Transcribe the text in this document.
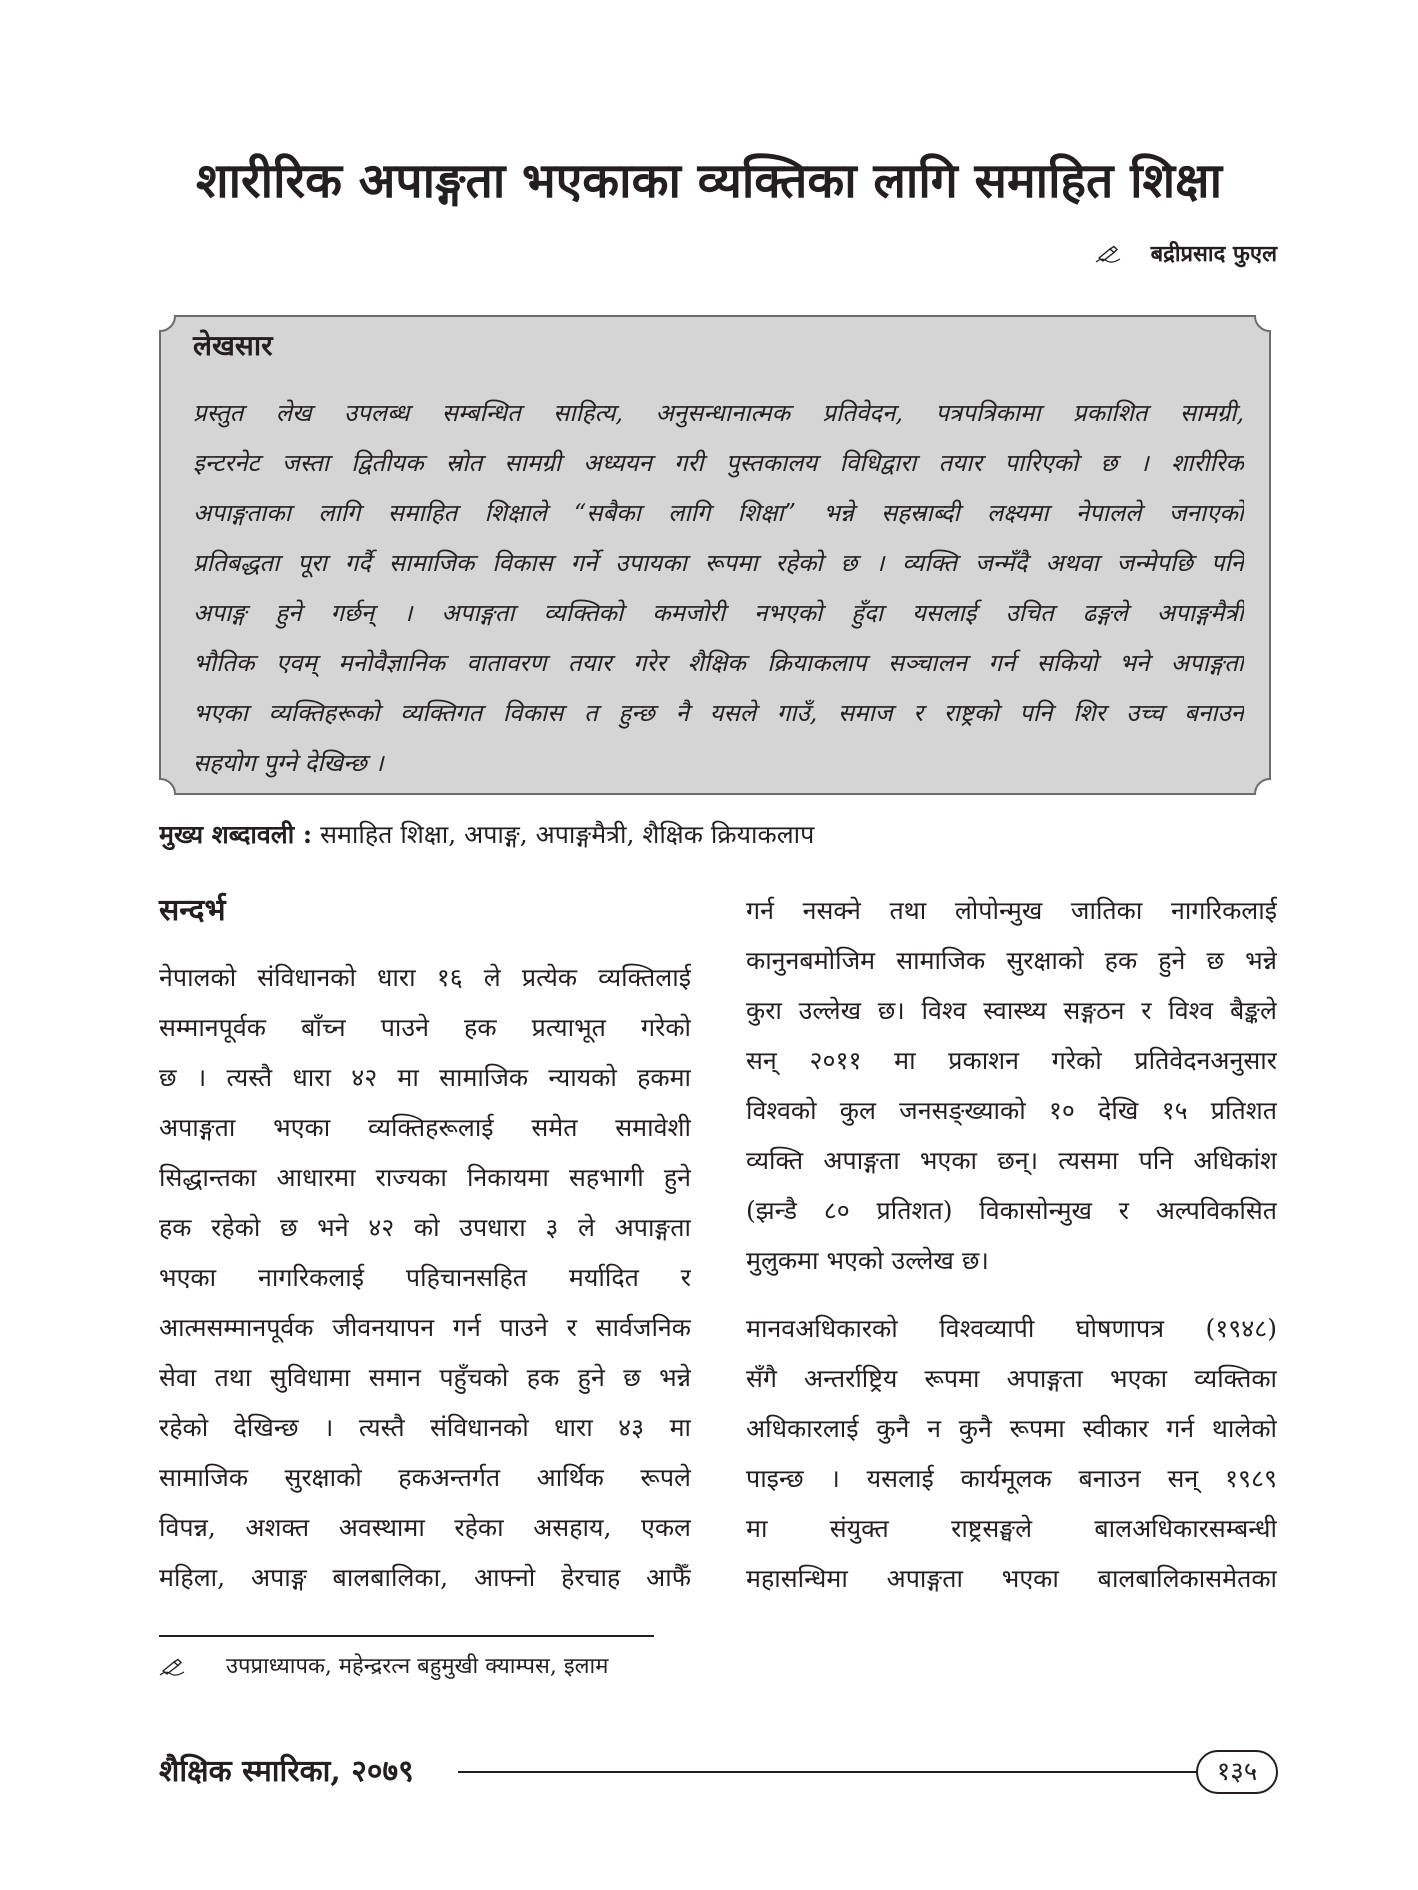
शारीरिक अपाङ्गता भएकाका व्यक्तिका लागि समाहित शिक्षा
बद्रीप्रसाद फुएल
लेखसार
प्रस्तुत लेख उपलब्ध सम्बन्धित साहित्य, अनुसन्धानात्मक प्रतिवेदन, पत्रपत्रिकामा प्रकाशित सामग्री,
इन्टरनेट जस्ता द्वितीयक स्रोत सामग्री अध्ययन गरी पुस्तकालय विधिद्वारा तयार पारिएको छ । शारीरिक
अपाङ्गताका लागि समाहित शिक्षाले “सबैका लागि शिक्षा” भन्ने सहस्राब्दी लक्ष्यमा नेपालले जनाएको
प्रतिबद्धता पूरा गर्दै सामाजिक विकास गर्ने उपायका रूपमा रहेको छ । व्यक्ति जन्मँदै अथवा जन्मेपछि पनि
अपाङ्ग हुने गर्छन् । अपाङ्गता व्यक्तिको कमजोरी नभएको हुँदा यसलाई उचित ढङ्गले अपाङ्गमैत्री
भौतिक एवम् मनोवैज्ञानिक वातावरण तयार गरेर शैक्षिक क्रियाकलाप सञ्चालन गर्न सकियो भने अपाङ्गता
भएका व्यक्तिहरूको व्यक्तिगत विकास त हुन्छ नै यसले गाउँ, समाज र राष्ट्रको पनि शिर उच्च बनाउन
सहयोग पुग्ने देखिन्छ ।
मुख्य शब्दावली : समाहित शिक्षा, अपाङ्ग, अपाङ्गमैत्री, शैक्षिक क्रियाकलाप
सन्दर्भ
नेपालको संविधानको धारा १६ ले प्रत्येक व्यक्तिलाई
सम्मानपूर्वक बाँच्न पाउने हक प्रत्याभूत गरेको
छ । त्यस्तै धारा ४२ मा सामाजिक न्यायको हकमा
अपाङ्गता भएका व्यक्तिहरूलाई समेत समावेशी
सिद्धान्तका आधारमा राज्यका निकायमा सहभागी हुने
हक रहेको छ भने ४२ को उपधारा ३ ले अपाङ्गता
भएका नागरिकलाई पहिचानसहित मर्यादित र
आत्मसम्मानपूर्वक जीवनयापन गर्न पाउने र सार्वजनिक
सेवा तथा सुविधामा समान पहुँचको हक हुने छ भन्ने
रहेको देखिन्छ । त्यस्तै संविधानको धारा ४३ मा
सामाजिक सुरक्षाको हकअन्तर्गत आर्थिक रूपले
विपन्न, अशक्त अवस्थामा रहेका असहाय, एकल
महिला, अपाङ्ग बालबालिका, आफ्नो हेरचाह आफैँ
गर्न नसक्ने तथा लोपोन्मुख जातिका नागरिकलाई
कानुनबमोजिम सामाजिक सुरक्षाको हक हुने छ भन्ने
कुरा उल्लेख छ। विश्व स्वास्थ्य सङ्गठन र विश्व बैङ्कले
सन् २०११ मा प्रकाशन गरेको प्रतिवेदनअनुसार
विश्वको कुल जनसङ्ख्याको १० देखि १५ प्रतिशत
व्यक्ति अपाङ्गता भएका छन्। त्यसमा पनि अधिकांश
(झन्डै ८० प्रतिशत) विकासोन्मुख र अल्पविकसित
मुलुकमा भएको उल्लेख छ।
मानवअधिकारको विश्वव्यापी घोषणापत्र (१९४८)
सँगै अन्तर्राष्ट्रिय रूपमा अपाङ्गता भएका व्यक्तिका
अधिकारलाई कुनै न कुनै रूपमा स्वीकार गर्न थालेको
पाइन्छ । यसलाई कार्यमूलक बनाउन सन् १९८९
मा संयुक्त राष्ट्रसङ्घले बालअधिकारसम्बन्धी
महासन्धिमा अपाङ्गता भएका बालबालिकासमेतका
उपप्राध्यापक, महेन्द्ररत्न बहुमुखी क्याम्पस, इलाम
शैक्षिक स्मारिका, २०७९	१३५
